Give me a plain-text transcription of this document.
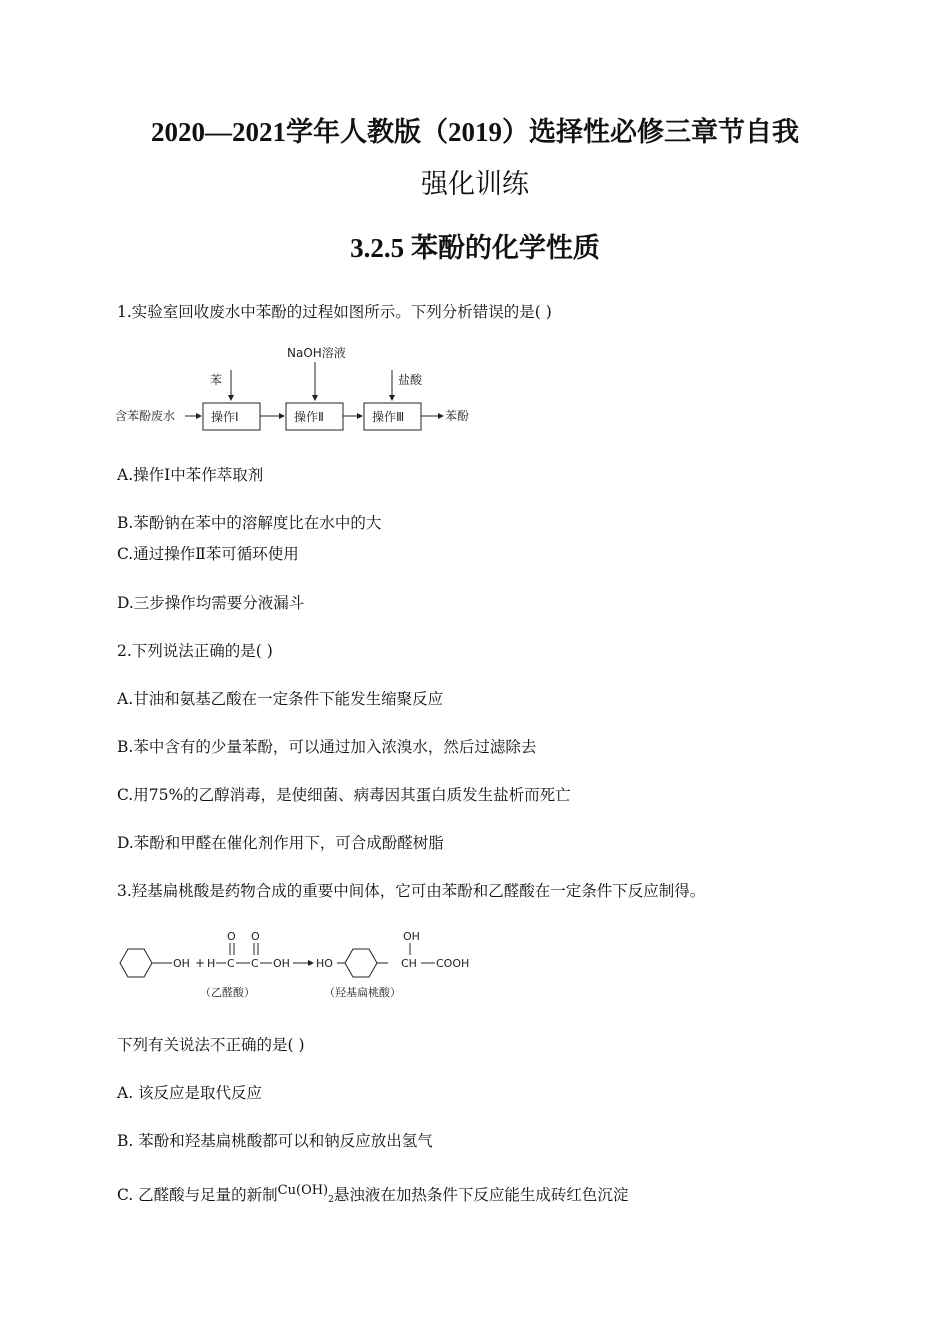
2020—2021学年人教版（2019）选择性必修三章节自我
强化训练
3.2.5 苯酚的化学性质
1.实验室回收废水中苯酚的过程如图所示。下列分析错误的是( )
含苯酚废水	操作Ⅰ	操作Ⅱ	操作Ⅲ	苯酚
苯
NaOH溶液
盐酸
A.操作Ⅰ中苯作萃取剂
B.苯酚钠在苯中的溶解度比在水中的大
C.通过操作Ⅱ苯可循环使用
D.三步操作均需要分液漏斗
2.下列说法正确的是( )
A.甘油和氨基乙酸在一定条件下能发生缩聚反应
B.苯中含有的少量苯酚，可以通过加入浓溴水，然后过滤除去
C.用75%的乙醇消毒，是使细菌、病毒因其蛋白质发生盐析而死亡
D.苯酚和甲醛在催化剂作用下，可合成酚醛树脂
3.羟基扁桃酸是药物合成的重要中间体，它可由苯酚和乙醛酸在一定条件下反应制得。
OH + H C
O
C
O
OH HO
OH
CH COOH
（乙醛酸）	（羟基扁桃酸）
下列有关说法不正确的是( )
A. 该反应是取代反应
B. 苯酚和羟基扁桃酸都可以和钠反应放出氢气
C. 乙醛酸与足量的新制$^{Cu(OH)}$2悬浊液在加热条件下反应能生成砖红色沉淀
